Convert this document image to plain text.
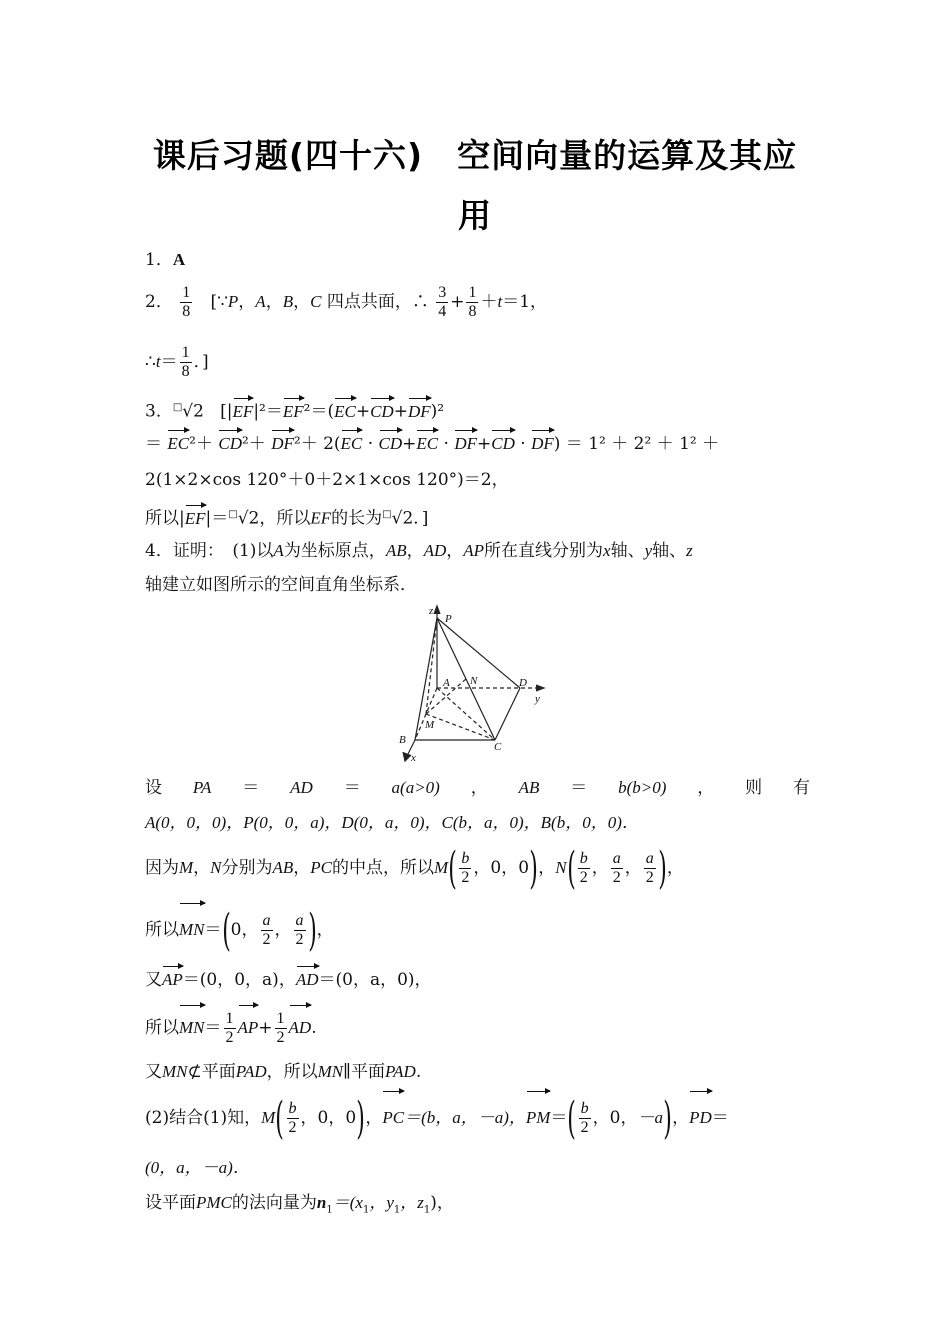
课后习题(四十六)　空间向量的运算及其应
用
1．A
2． $\frac{1}{8}$ [∵P，A，B，C 四点共面，∴ $\frac{3}{4} + \frac{1}{8} +t=1$，
∴t＝ $\frac{1}{8}$ ．]
3．□√2 [|EF|²＝EF²＝(EC+CD+DF)²
＝ EC²＋ CD²＋ DF²＋ 2(EC · CD+EC · DF+CD · DF) ＝ 1² ＋ 2² ＋ 1² ＋
2(1×2×cos 120°＋0＋2×1×cos 120°)＝2，
所以|EF|＝□√2，所以EF的长为□√2．]
4．证明：　(1)以A为坐标原点，AB，AD，AP所在直线分别为x轴、y轴、z
轴建立如图所示的空间直角坐标系．
z
P
A N	D
y
M
B
C
x
设 PA ＝ AD ＝ a(a>0) ， AB ＝ b(b>0) ， 则 有
A(0，0，0)，P(0，0，a)，D(0，a，0)，C(b，a，0)，B(b，0，0)．
因为M，N分别为AB，PC的中点，所以$M( \frac{b}{2}$ ，0，0)，$N( \frac{b}{2}$ ， $\frac{a}{2}$ ， $\frac{a}{2}$ )，
所以MN＝(0， $\frac{a}{2}$ ， $\frac{a}{2}$ )，
又AP＝(0，0，a)，AD＝(0，a，0)，
所以$MN= \frac{1}{2} AP+ \frac{1}{2}$ AD.
又MN⊄平面PAD，所以MN∥平面PAD.
(2)结合(1)知，$M( \frac{b}{2}$ ，0，0)，PC＝(b，a，－a)，$PM=( \frac{b}{2}$ ，0，－a)，PD＝
(0，a，－a)．
设平面PMC的法向量为$n_1=(x_1$，$y_1$，$z_1$)，
